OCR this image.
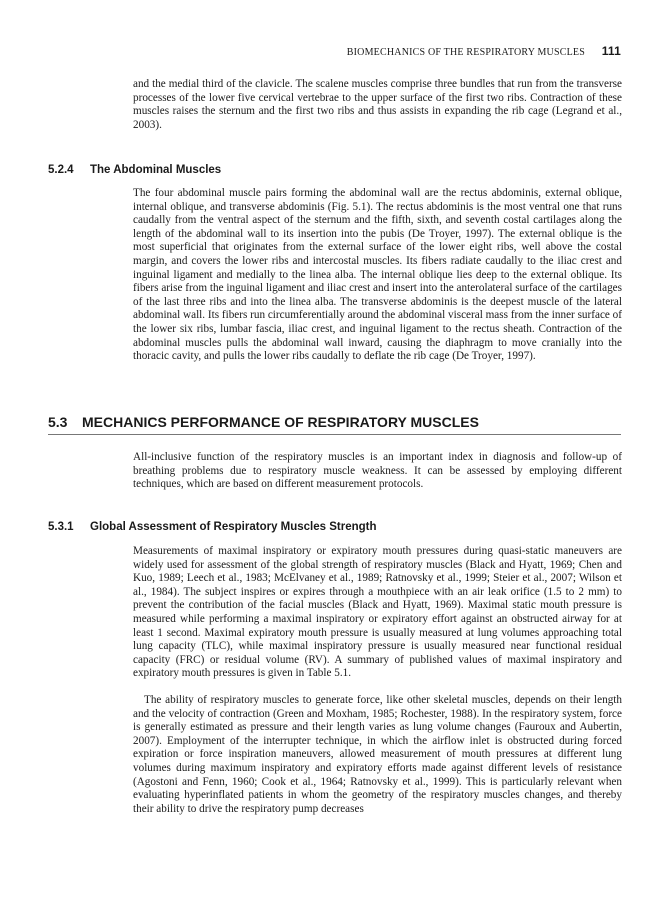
BIOMECHANICS OF THE RESPIRATORY MUSCLES 111

and the medial third of the clavicle. The scalene muscles comprise three bundles that run from the transverse processes of the lower five cervical vertebrae to the upper surface of the first two ribs. Contraction of these muscles raises the sternum and the first two ribs and thus assists in expanding the rib cage (Legrand et al., 2003).

5.2.4 The Abdominal Muscles

The four abdominal muscle pairs forming the abdominal wall are the rectus abdominis, external oblique, internal oblique, and transverse abdominis (Fig. 5.1). The rectus abdominis is the most ventral one that runs caudally from the ventral aspect of the sternum and the fifth, sixth, and seventh costal cartilages along the length of the abdominal wall to its insertion into the pubis (De Troyer, 1997). The external oblique is the most superficial that originates from the external surface of the lower eight ribs, well above the costal margin, and covers the lower ribs and intercostal muscles. Its fibers radiate caudally to the iliac crest and inguinal ligament and medially to the linea alba. The internal oblique lies deep to the external oblique. Its fibers arise from the inguinal ligament and iliac crest and insert into the anterolateral surface of the cartilages of the last three ribs and into the linea alba. The transverse abdominis is the deepest muscle of the lateral abdominal wall. Its fibers run circumferentially around the abdominal visceral mass from the inner surface of the lower six ribs, lumbar fascia, iliac crest, and inguinal ligament to the rectus sheath. Contraction of the abdominal muscles pulls the abdominal wall inward, causing the diaphragm to move cranially into the thoracic cavity, and pulls the lower ribs caudally to deflate the rib cage (De Troyer, 1997).

5.3 MECHANICS PERFORMANCE OF RESPIRATORY MUSCLES

All-inclusive function of the respiratory muscles is an important index in diagnosis and follow-up of breathing problems due to respiratory muscle weakness. It can be assessed by employing different techniques, which are based on different measurement protocols.

5.3.1 Global Assessment of Respiratory Muscles Strength

Measurements of maximal inspiratory or expiratory mouth pressures during quasi-static maneuvers are widely used for assessment of the global strength of respiratory muscles (Black and Hyatt, 1969; Chen and Kuo, 1989; Leech et al., 1983; McElvaney et al., 1989; Ratnovsky et al., 1999; Steier et al., 2007; Wilson et al., 1984). The subject inspires or expires through a mouthpiece with an air leak orifice (1.5 to 2 mm) to prevent the contribution of the facial muscles (Black and Hyatt, 1969). Maximal static mouth pressure is measured while performing a maximal inspiratory or expiratory effort against an obstructed airway for at least 1 second. Maximal expiratory mouth pressure is usually measured at lung volumes approaching total lung capacity (TLC), while maximal inspiratory pressure is usually measured near functional residual capacity (FRC) or residual volume (RV). A summary of published values of maximal inspiratory and expiratory mouth pressures is given in Table 5.1.

The ability of respiratory muscles to generate force, like other skeletal muscles, depends on their length and the velocity of contraction (Green and Moxham, 1985; Rochester, 1988). In the respiratory system, force is generally estimated as pressure and their length varies as lung volume changes (Fauroux and Aubertin, 2007). Employment of the interrupter technique, in which the airflow inlet is obstructed during forced expiration or force inspiration maneuvers, allowed measurement of mouth pressures at different lung volumes during maximum inspiratory and expiratory efforts made against different levels of resistance (Agostoni and Fenn, 1960; Cook et al., 1964; Ratnovsky et al., 1999). This is particularly relevant when evaluating hyperinflated patients in whom the geometry of the respiratory muscles changes, and thereby their ability to drive the respiratory pump decreases
